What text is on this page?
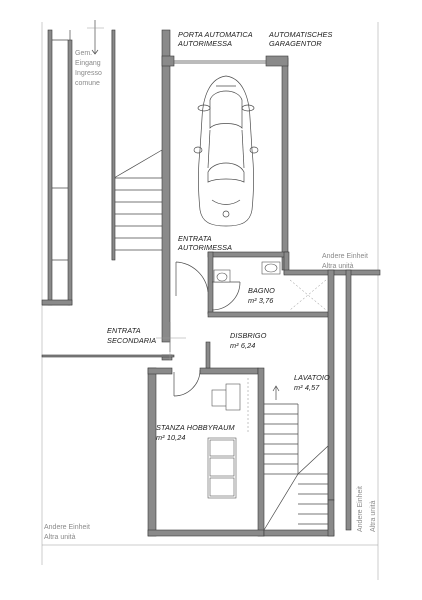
PORTA AUTOMATICA
AUTORIMESSA
AUTOMATISCHES
GARAGENTOR
Gem.
Eingang
Ingresso
comune
ENTRATA
AUTORIMESSA
Andere Einheit
Altra unità
BAGNO
m² 3,76
ENTRATA
SECONDARIA
DISBRIGO
m² 6,24
LAVATOIO
m² 4,57
STANZA HOBBYRAUM
m² 10,24
Andere Einheit
Altra unità
Andere Einheit Altra unità
